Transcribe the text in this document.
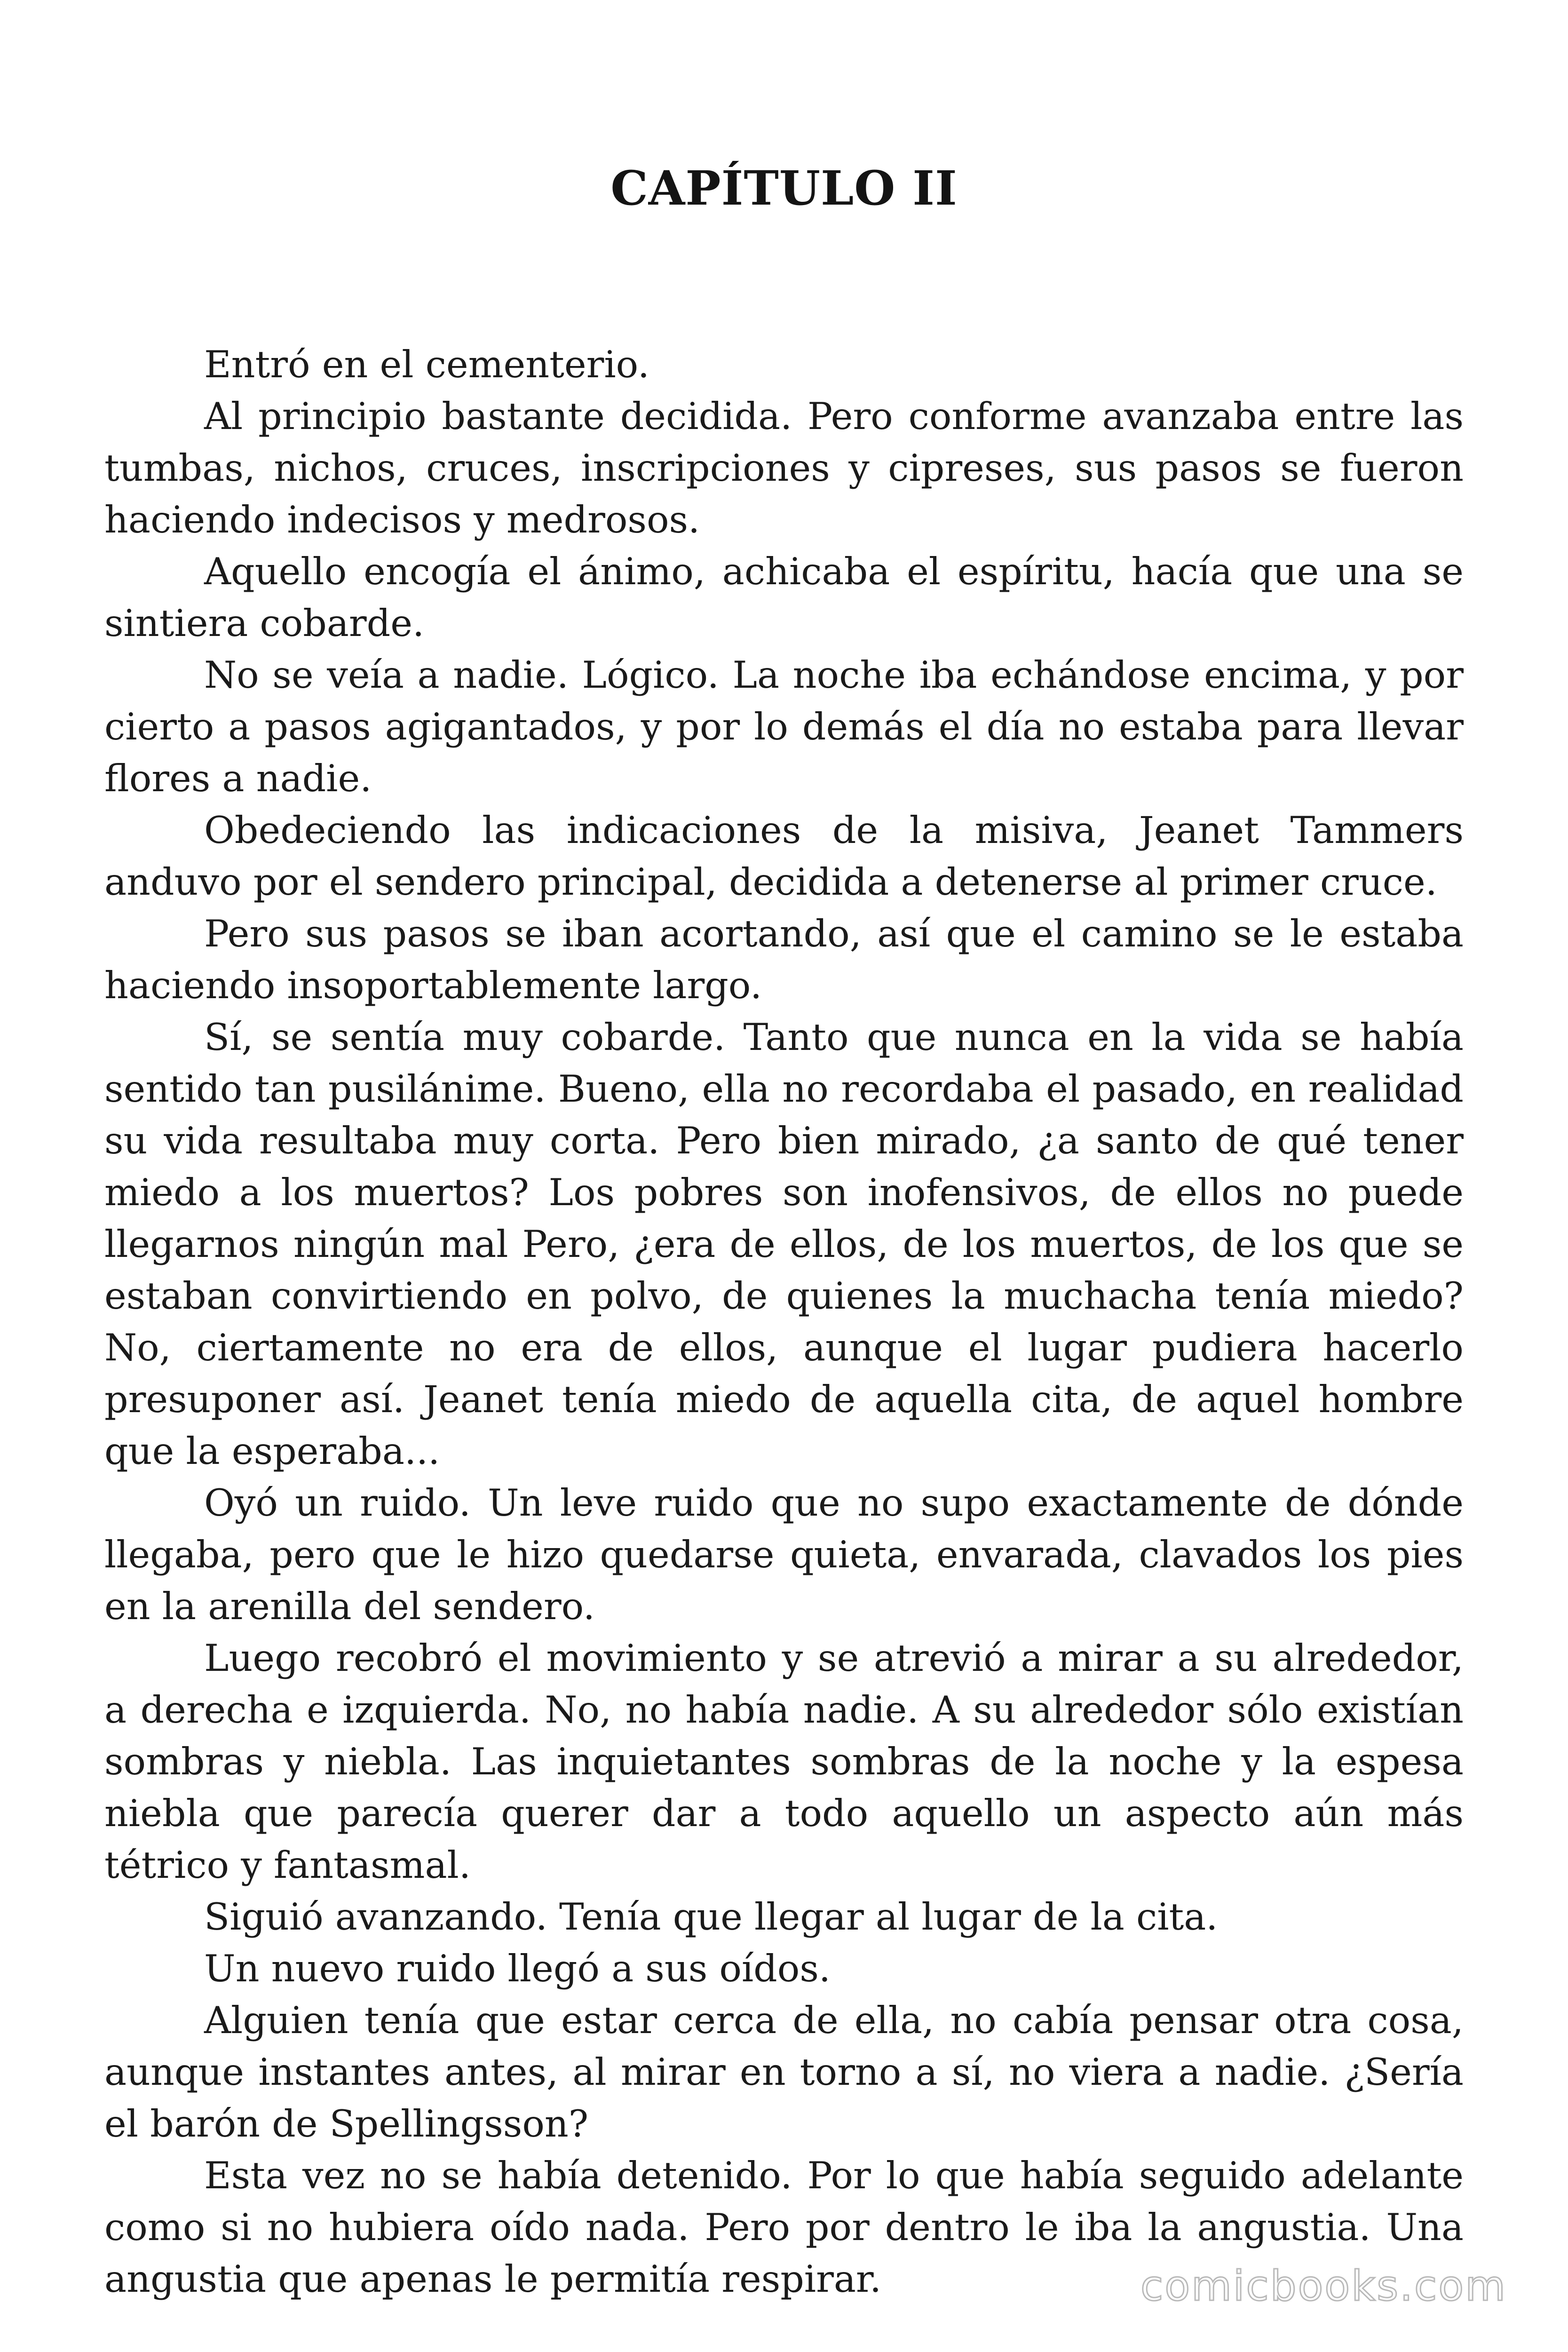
CAPÍTULO II

Entró en el cementerio.

Al principio bastante decidida. Pero conforme avanzaba entre las tumbas, nichos, cruces, inscripciones y cipreses, sus pasos se fueron haciendo indecisos y medrosos.

Aquello encogía el ánimo, achicaba el espíritu, hacía que una se sintiera cobarde.

No se veía a nadie. Lógico. La noche iba echándose encima, y por cierto a pasos agigantados, y por lo demás el día no estaba para llevar flores a nadie.

Obedeciendo las indicaciones de la misiva, Jeanet Tammers anduvo por el sendero principal, decidida a detenerse al primer cruce.

Pero sus pasos se iban acortando, así que el camino se le estaba haciendo insoportablemente largo.

Sí, se sentía muy cobarde. Tanto que nunca en la vida se había sentido tan pusilánime. Bueno, ella no recordaba el pasado, en realidad su vida resultaba muy corta. Pero bien mirado, ¿a santo de qué tener miedo a los muertos? Los pobres son inofensivos, de ellos no puede llegarnos ningún mal Pero, ¿era de ellos, de los muertos, de los que se estaban convirtiendo en polvo, de quienes la muchacha tenía miedo? No, ciertamente no era de ellos, aunque el lugar pudiera hacerlo presuponer así. Jeanet tenía miedo de aquella cita, de aquel hombre que la esperaba...

Oyó un ruido. Un leve ruido que no supo exactamente de dónde llegaba, pero que le hizo quedarse quieta, envarada, clavados los pies en la arenilla del sendero.

Luego recobró el movimiento y se atrevió a mirar a su alrededor, a derecha e izquierda. No, no había nadie. A su alrededor sólo existían sombras y niebla. Las inquietantes sombras de la noche y la espesa niebla que parecía querer dar a todo aquello un aspecto aún más tétrico y fantasmal.

Siguió avanzando. Tenía que llegar al lugar de la cita.

Un nuevo ruido llegó a sus oídos.

Alguien tenía que estar cerca de ella, no cabía pensar otra cosa, aunque instantes antes, al mirar en torno a sí, no viera a nadie. ¿Sería el barón de Spellingsson?

Esta vez no se había detenido. Por lo que había seguido adelante como si no hubiera oído nada. Pero por dentro le iba la angustia. Una angustia que apenas le permitía respirar.	comicbooks.com
